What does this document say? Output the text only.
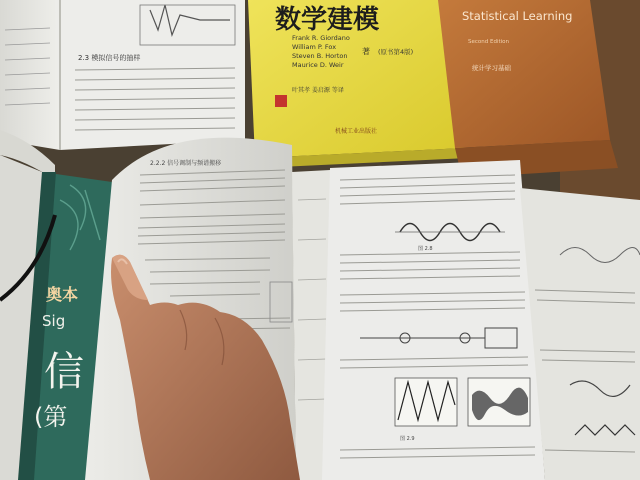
2.3 模拟信号的抽样
数学建模
Frank R. Giordano
William P. Fox
Steven B. Horton
Maurice D. Weir
著 (原书第4版)
叶其孝 姜启源 等译
机械工业出版社
Statistical Learning
Second Edition
统计学习基础
奥本
Sig
信
(第
2.2.2 信号调制与频谱搬移
图 2.8
图 2.9
